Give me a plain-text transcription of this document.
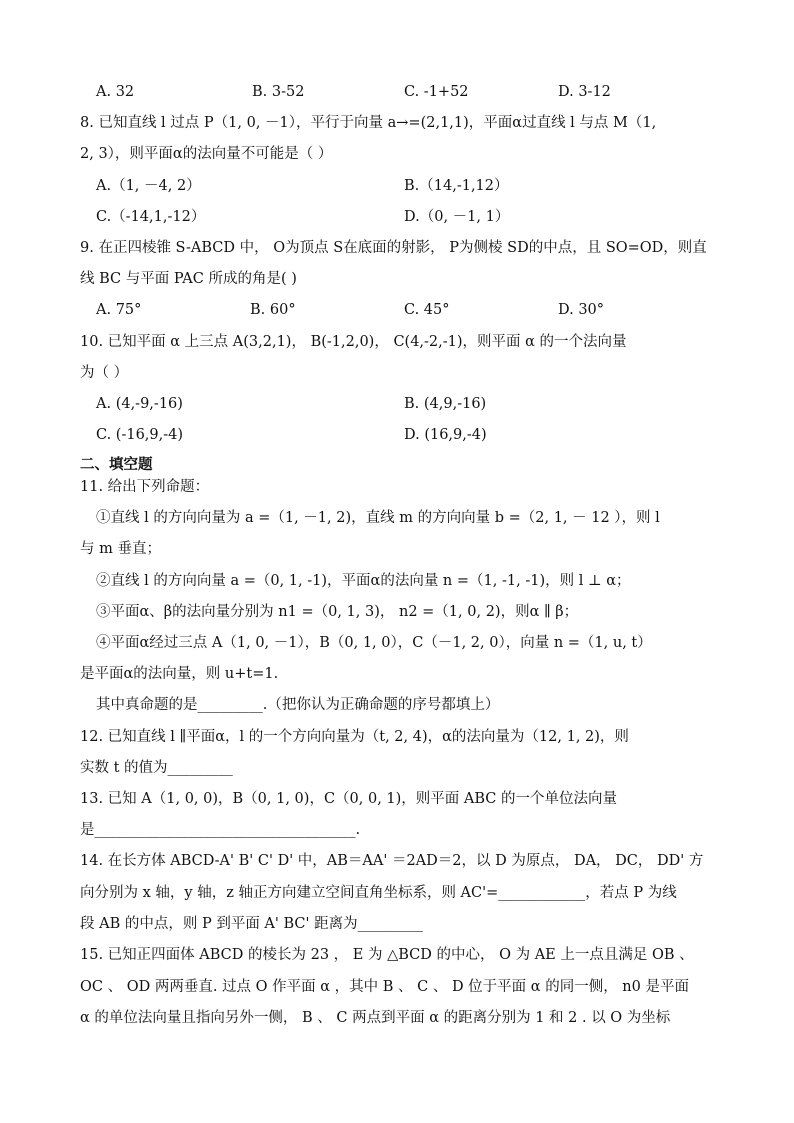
A. 32	B. 3-52	C. -1+52	D. 3-12
8. 已知直线 l 过点 P（1, 0, －1），平行于向量 a→=(2,1,1)，平面α过直线 l 与点 M（1,
2, 3），则平面α的法向量不可能是（ ）
A.（1, －4, 2）	B.（14,-1,12）
C.（-14,1,-12）	D.（0, －1, 1）
9. 在正四棱锥 S-ABCD 中， O为顶点 S在底面的射影， P为侧棱 SD的中点，且 SO=OD，则直
线 BC 与平面 PAC 所成的角是( )
A. 75°	B. 60°	C. 45°	D. 30°
10. 已知平面 α 上三点 A(3,2,1)， B(-1,2,0)， C(4,-2,-1)，则平面 α 的一个法向量
为（ ）
A. (4,-9,-16)	B. (4,9,-16)
C. (-16,9,-4)	D. (16,9,-4)
二、填空题
11. 给出下列命题：
①直线 l 的方向向量为 a =（1, －1, 2)，直线 m 的方向向量 b =（2, 1, － 12 ），则 l
与 m 垂直；
②直线 l 的方向向量 a =（0, 1, -1)，平面α的法向量 n =（1, -1, -1)，则 l ⊥ α；
③平面α、β的法向量分别为 n1 =（0, 1, 3)， n2 =（1, 0, 2)，则α ∥ β；
④平面α经过三点 A（1, 0, －1），B（0, 1, 0），C（－1, 2, 0），向量 n =（1, u, t）
是平面α的法向量，则 u+t=1.
其中真命题的是_________.（把你认为正确命题的序号都填上）
12. 已知直线 l ∥平面α，l 的一个方向向量为（t, 2, 4)，α的法向量为（12, 1, 2)，则
实数 t 的值为_________
13. 已知 A（1, 0, 0)，B（0, 1, 0)，C（0, 0, 1)，则平面 ABC 的一个单位法向量
是____________________________________.
14. 在长方体 ABCD-A' B' C' D' 中，AB＝AA' ＝2AD＝2，以 D 为原点， DA， DC， DD' 方
向分别为 x 轴，y 轴，z 轴正方向建立空间直角坐标系，则 AC'=____________，若点 P 为线
段 AB 的中点，则 P 到平面 A' BC' 距离为_________
15. 已知正四面体 ABCD 的棱长为 23 ， E 为 △BCD 的中心， O 为 AE 上一点且满足 OB 、
OC 、 OD 两两垂直. 过点 O 作平面 α ，其中 B 、 C 、 D 位于平面 α 的同一侧， n0 是平面
α 的单位法向量且指向另外一侧， B 、 C 两点到平面 α 的距离分别为 1 和 2 . 以 O 为坐标
